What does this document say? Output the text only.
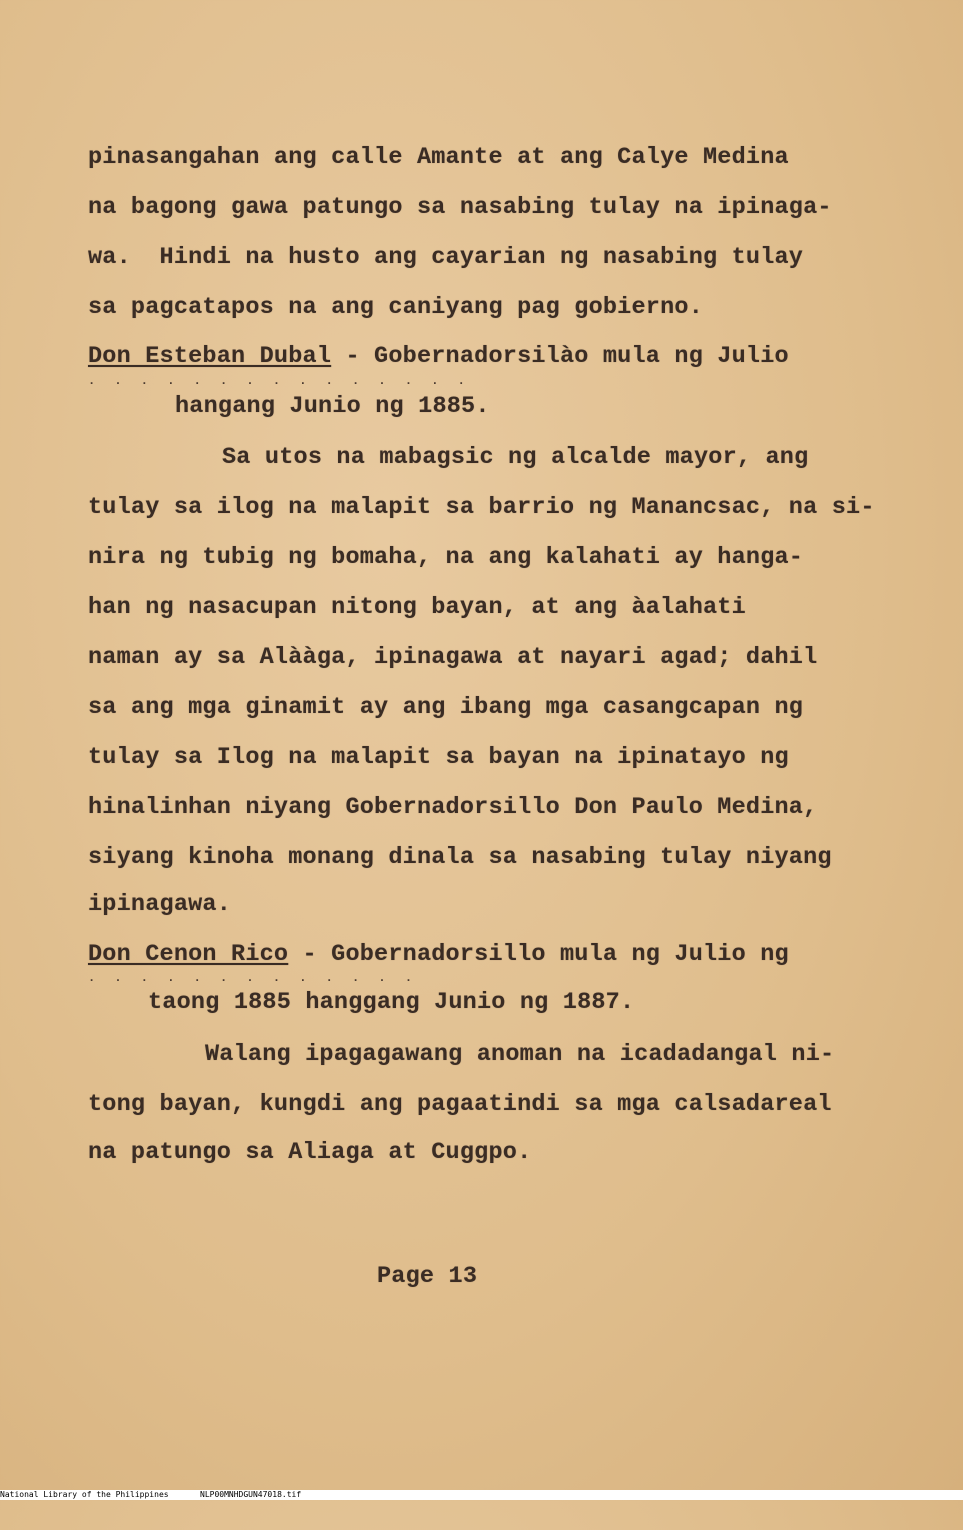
pinasangahan ang calle Amante at ang Calye Medina
na bagong gawa patungo sa nasabing tulay na ipinaga-
wa.  Hindi na husto ang cayarian ng nasabing tulay
sa pagcatapos na ang caniyang pag gobierno.
Don Esteban Dubal - Gobernadorsilào mula ng Julio
. . . . . . . . . . . . . . .
hangang Junio ng 1885.
Sa utos na mabagsic ng alcalde mayor, ang
tulay sa ilog na malapit sa barrio ng Manancsac, na si-
nira ng tubig ng bomaha, na ang kalahati ay hanga-
han ng nasacupan nitong bayan, at ang àalahati
naman ay sa Alààga, ipinagawa at nayari agad; dahil
sa ang mga ginamit ay ang ibang mga casangcapan ng
tulay sa Ilog na malapit sa bayan na ipinatayo ng
hinalinhan niyang Gobernadorsillo Don Paulo Medina,
siyang kinoha monang dinala sa nasabing tulay niyang
ipinagawa.
Don Cenon Rico - Gobernadorsillo mula ng Julio ng
. . . . . . . . . . . . .
taong 1885 hanggang Junio ng 1887.
Walang ipagagawang anoman na icadadangal ni-
tong bayan, kungdi ang pagaatindi sa mga calsadareal
na patungo sa Aliaga at Cuggpo.
Page 13

National Library of the Philippines

	NLP00MNHDGUN47018.tif
